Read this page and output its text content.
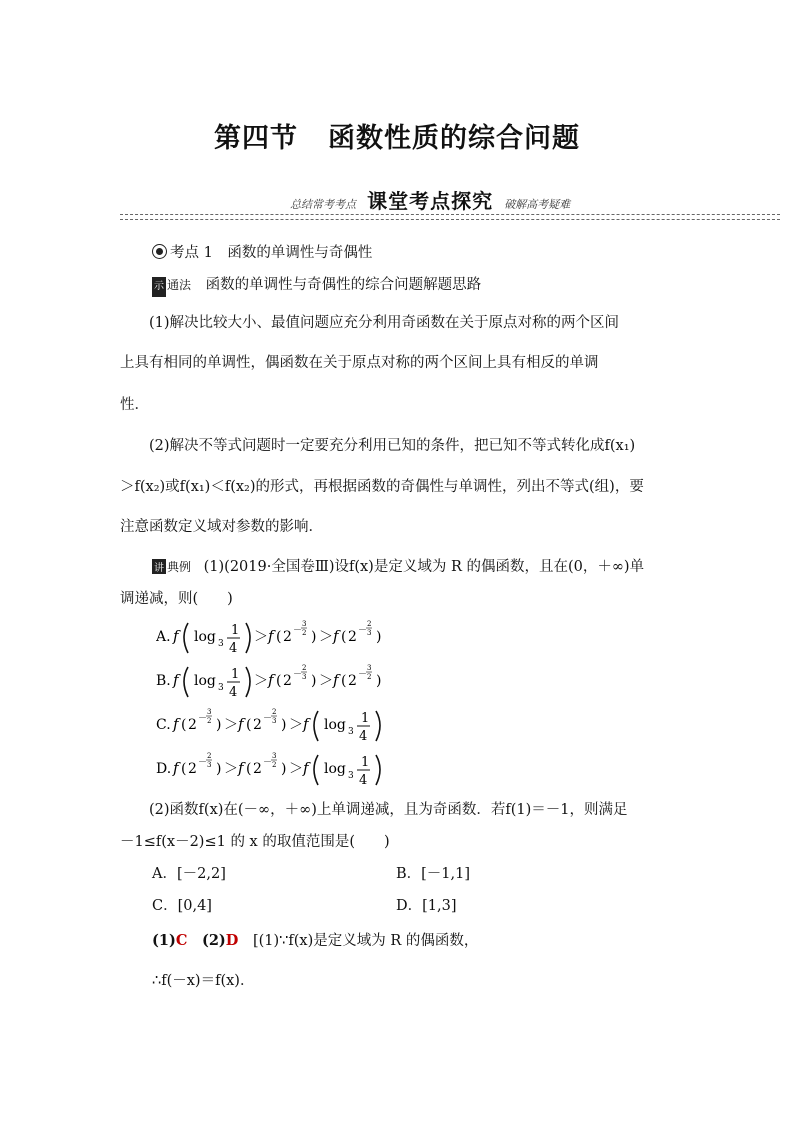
第四节 函数性质的综合问题
总结常考考点 课堂考点探究 破解高考疑难
考点 1　函数的单调性与奇偶性
示 通法 函数的单调性与奇偶性的综合问题解题思路
(1)解决比较大小、最值问题应充分利用奇函数在关于原点对称的两个区间
上具有相同的单调性，偶函数在关于原点对称的两个区间上具有相反的单调
性．
(2)解决不等式问题时一定要充分利用已知的条件，把已知不等式转化成f(x₁)
＞f(x₂)或f(x₁)＜f(x₂)的形式，再根据函数的奇偶性与单调性，列出不等式(组)，要
注意函数定义域对参数的影响．
讲 典例 (1)(2019·全国卷Ⅲ)设f(x)是定义域为 R 的偶函数，且在(0，＋∞)单
调递减，则(　　)
A. f log 3
1
4
＞ f ( 2 －
3
2 ) ＞ f ( 2 －
2
3 )
B. f log 3
1
4
＞ f ( 2 －
2
3 ) ＞ f ( 2 －
3
2 )
C. f ( 2 －
3
2 ) ＞ f ( 2 －
2
3 ) ＞ f log 3
1
4
D. f ( 2 －
2
3 ) ＞ f ( 2 －
3
2 ) ＞ f log 3
1
4
(2)函数f(x)在(－∞，＋∞)上单调递减，且为奇函数．若f(1)＝－1，则满足
－1≤f(x－2)≤1 的 x 的取值范围是(　　)
A．[－2,2]	B．[－1,1]
C．[0,4]	D．[1,3]
(1)C (2)D [(1)∵f(x)是定义域为 R 的偶函数，
∴f(－x)＝f(x)．
